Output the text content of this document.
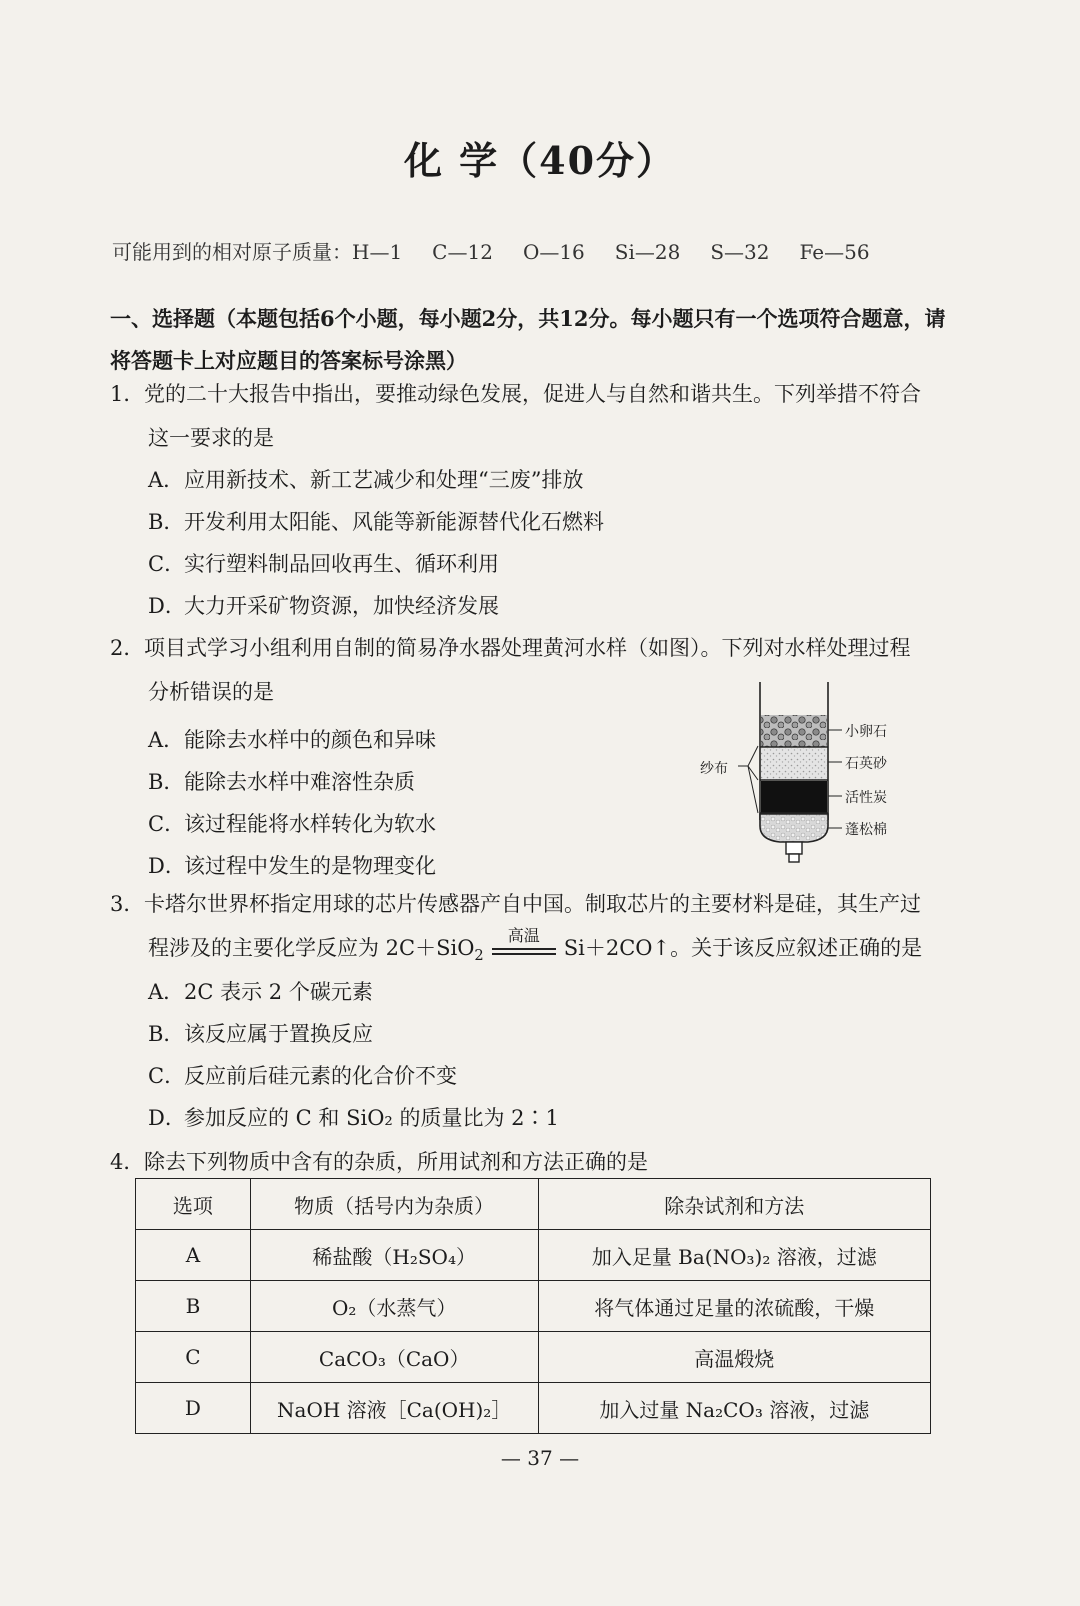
化 学（40分）
可能用到的相对原子质量：H—1 C—12 O—16 Si—28 S—32 Fe—56
一、选择题（本题包括6个小题，每小题2分，共12分。每小题只有一个选项符合题意，请将答题卡上对应题目的答案标号涂黑）
1．党的二十大报告中指出，要推动绿色发展，促进人与自然和谐共生。下列举措不符合
这一要求的是
A．应用新技术、新工艺减少和处理“三废”排放
B．开发利用太阳能、风能等新能源替代化石燃料
C．实行塑料制品回收再生、循环利用
D．大力开采矿物资源，加快经济发展
2．项目式学习小组利用自制的简易净水器处理黄河水样（如图）。下列对水样处理过程
分析错误的是
A．能除去水样中的颜色和异味
B．能除去水样中难溶性杂质
C．该过程能将水样转化为软水
D．该过程中发生的是物理变化
纱布
小卵石
石英砂
活性炭
蓬松棉
3．卡塔尔世界杯指定用球的芯片传感器产自中国。制取芯片的主要材料是硅，其生产过
程涉及的主要化学反应为 2C＋SiO$_2$
高温
Si＋2CO↑。关于该反应叙述正确的是
A．2C 表示 2 个碳元素
B．该反应属于置换反应
C．反应前后硅元素的化合价不变
D．参加反应的 C 和 SiO₂ 的质量比为 2∶1
4．除去下列物质中含有的杂质，所用试剂和方法正确的是
选项	物质（括号内为杂质）	除杂试剂和方法
A	稀盐酸（H₂SO₄）	加入足量 Ba(NO₃)₂ 溶液，过滤
B	O₂（水蒸气）	将气体通过足量的浓硫酸，干燥
C	CaCO₃（CaO）	高温煅烧
D	NaOH 溶液［Ca(OH)₂］	加入过量 Na₂CO₃ 溶液，过滤
— 37 —
